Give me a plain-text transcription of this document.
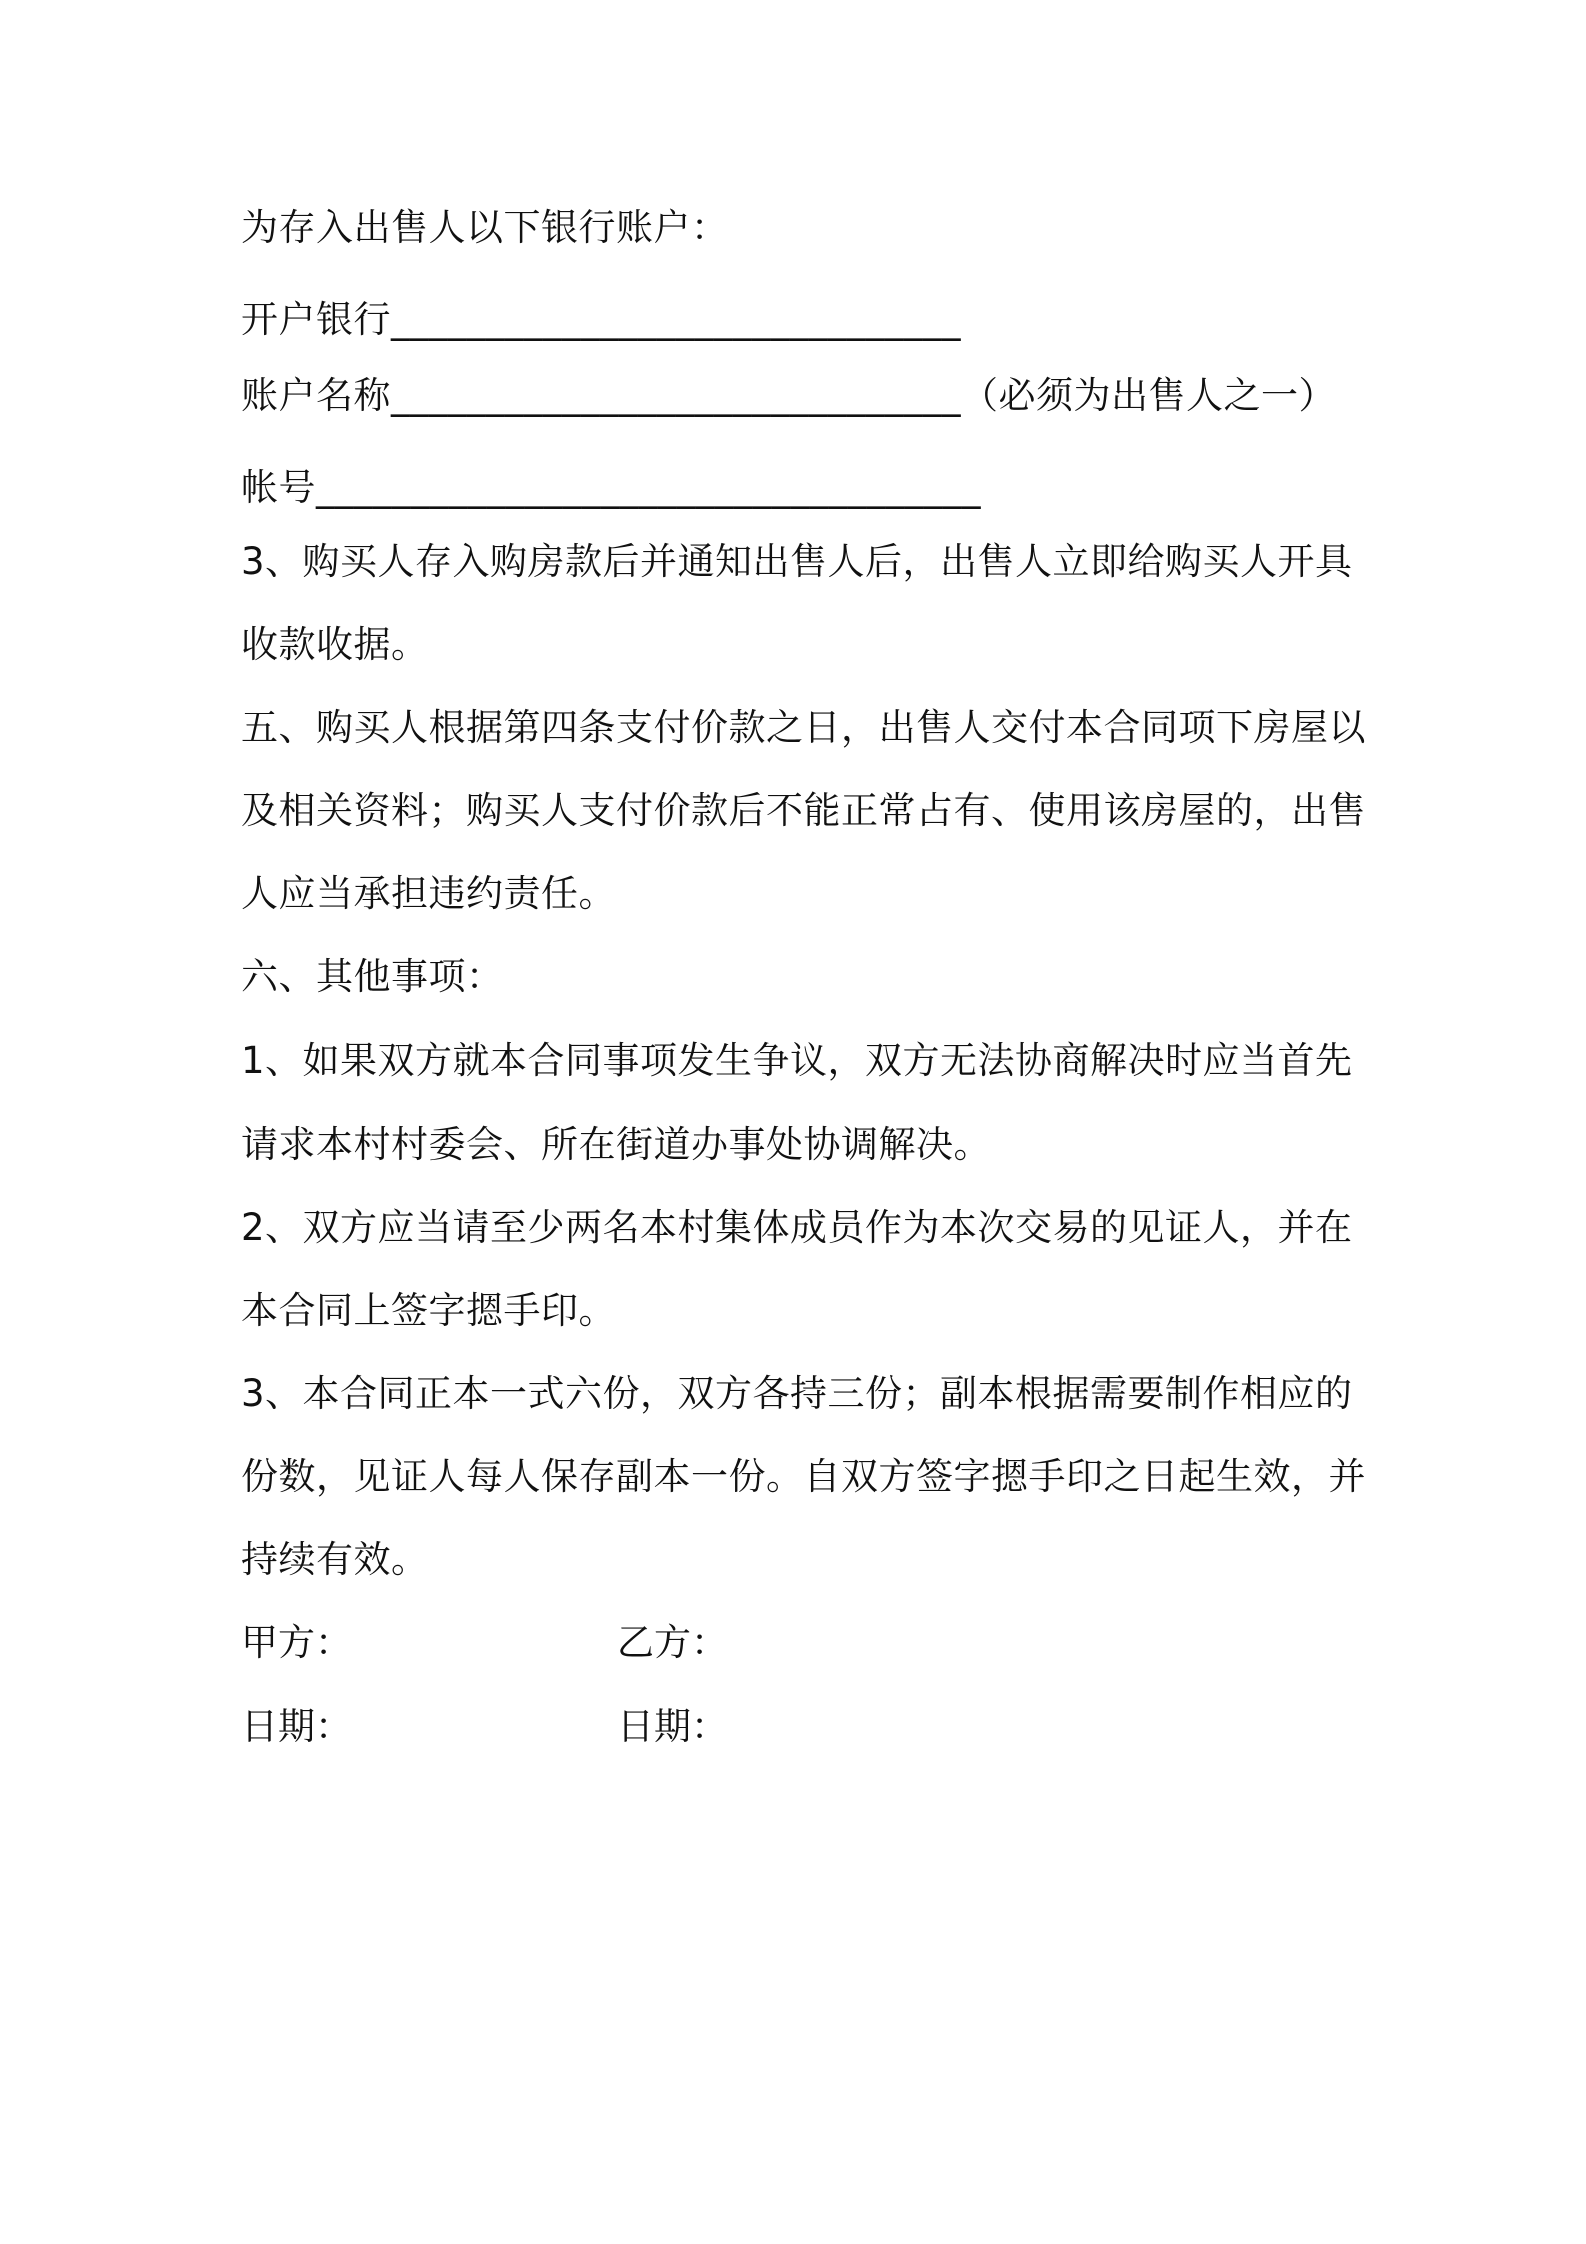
为存入出售人以下银行账户：
开户银行______________________________
账户名称______________________________（必须为出售人之一）
帐号___________________________________
3、购买人存入购房款后并通知出售人后，出售人立即给购买人开具
收款收据。
五、购买人根据第四条支付价款之日，出售人交付本合同项下房屋以
及相关资料；购买人支付价款后不能正常占有、使用该房屋的，出售
人应当承担违约责任。
六、其他事项：
1、如果双方就本合同事项发生争议，双方无法协商解决时应当首先
请求本村村委会、所在街道办事处协调解决。
2、双方应当请至少两名本村集体成员作为本次交易的见证人，并在
本合同上签字摁手印。
3、本合同正本一式六份，双方各持三份；副本根据需要制作相应的
份数，见证人每人保存副本一份。自双方签字摁手印之日起生效，并
持续有效。
甲方：	乙方：
日期：	日期：
